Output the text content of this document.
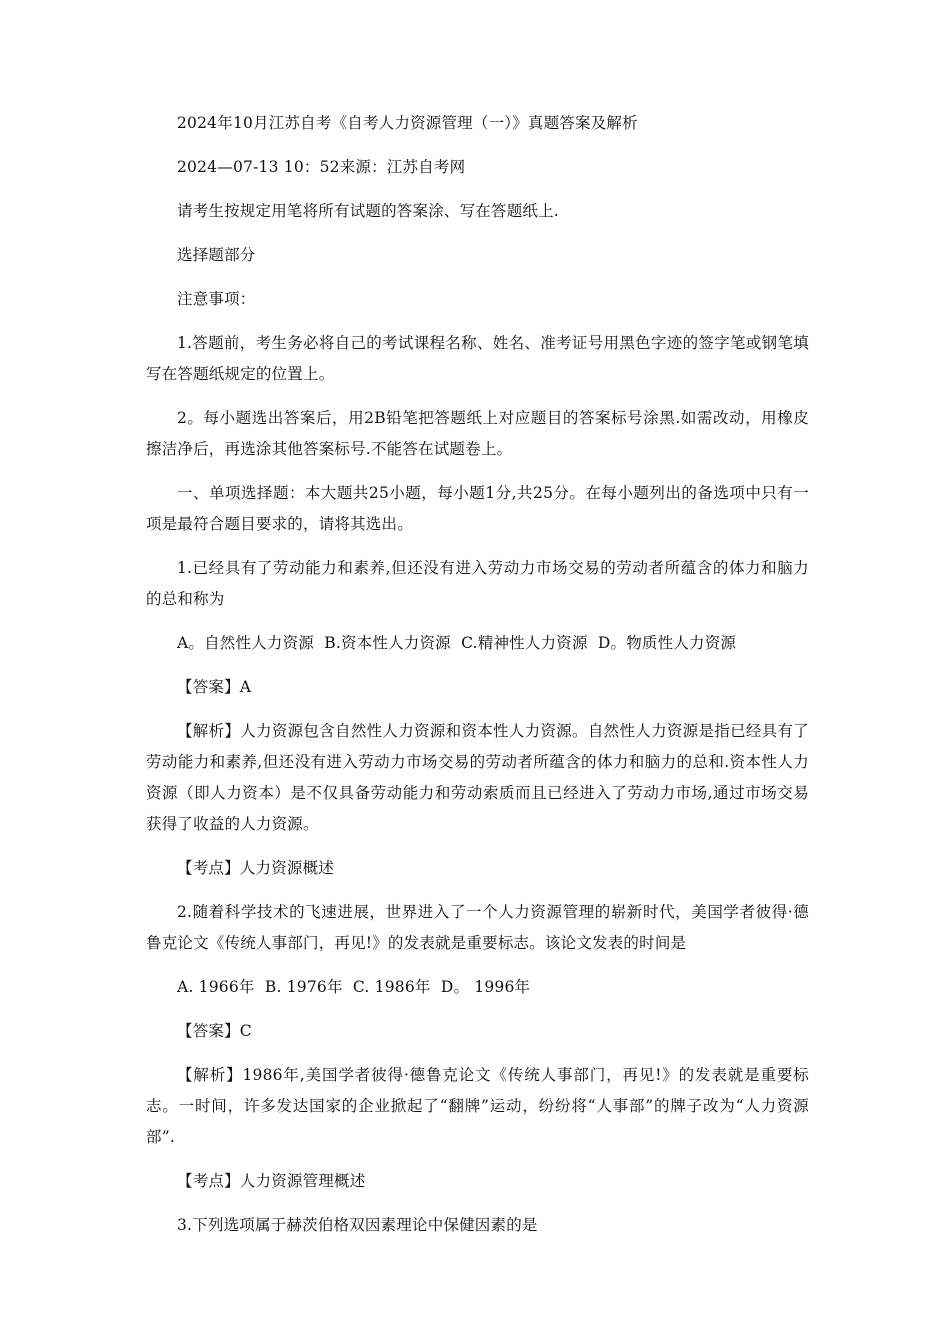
2024年10月江苏自考《自考人力资源管理（一）》真题答案及解析

2024—07-13 10：52来源：江苏自考网

请考生按规定用笔将所有试题的答案涂、写在答题纸上.

选择题部分

注意事项：

1.答题前，考生务必将自己的考试课程名称、姓名、准考证号用黑色字迹的签字笔或钢笔填写在答题纸规定的位置上。

2。每小题选出答案后，用2B铅笔把答题纸上对应题目的答案标号涂黑.如需改动，用橡皮擦洁净后，再选涂其他答案标号.不能答在试题卷上。

一、单项选择题：本大题共25小题，每小题1分,共25分。在每小题列出的备选项中只有一项是最符合题目要求的，请将其选出。

1.已经具有了劳动能力和素养,但还没有进入劳动力市场交易的劳动者所蕴含的体力和脑力的总和称为

A。自然性人力资源  B.资本性人力资源  C.精神性人力资源  D。物质性人力资源

【答案】A

【解析】人力资源包含自然性人力资源和资本性人力资源。自然性人力资源是指已经具有了劳动能力和素养,但还没有进入劳动力市场交易的劳动者所蕴含的体力和脑力的总和.资本性人力资源（即人力资本）是不仅具备劳动能力和劳动索质而且已经进入了劳动力市场,通过市场交易获得了收益的人力资源。

【考点】人力资源概述

2.随着科学技术的飞速进展，世界进入了一个人力资源管理的崭新时代，美国学者彼得·德鲁克论文《传统人事部门，再见!》的发表就是重要标志。该论文发表的时间是

A. 1966年  B. 1976年  C. 1986年  D。 1996年

【答案】C

【解析】1986年,美国学者彼得·德鲁克论文《传统人事部门，再见!》的发表就是重要标志。一时间，许多发达国家的企业掀起了“翻牌”运动，纷纷将“人事部”的牌子改为“人力资源部”.

【考点】人力资源管理概述

3.下列选项属于赫茨伯格双因素理论中保健因素的是
